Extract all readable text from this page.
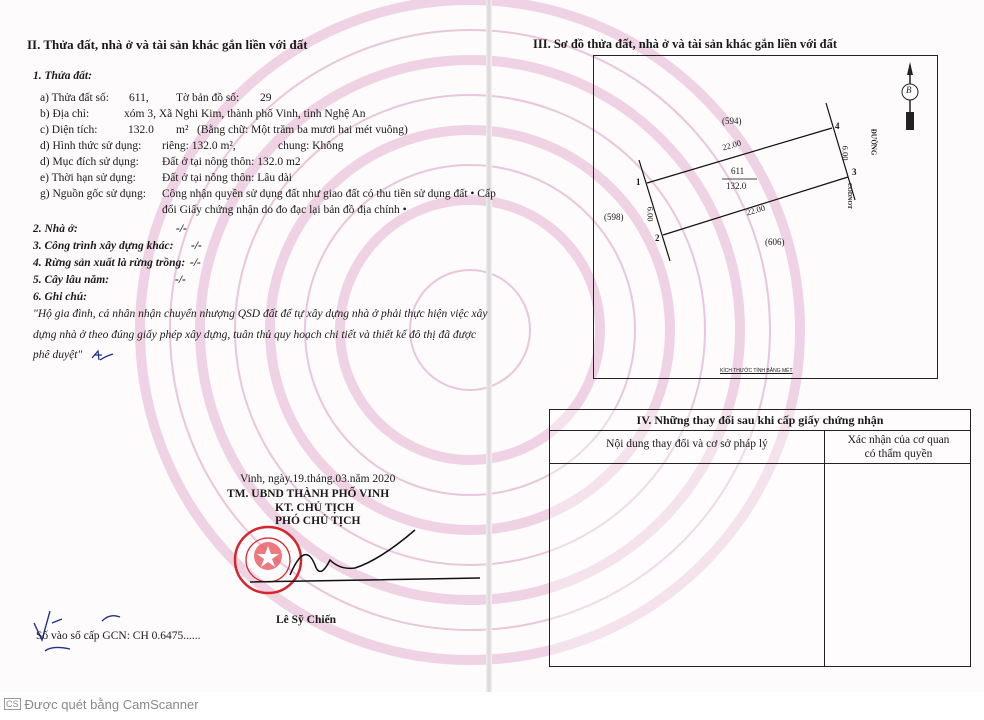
II. Thửa đất, nhà ở và tài sản khác gắn liền với đất
1. Thửa đất:
a) Thửa đất số: 611, Tờ bản đồ số: 29
b) Địa chỉ:	xóm 3, Xã Nghi Kim, thành phố Vinh, tỉnh Nghệ An
c) Diện tích:	132.0 m² (Bằng chữ: Một trăm ba mươi hai mét vuông)
d) Hình thức sử dụng: riêng: 132.0 m²,	chung: Không
d) Mục đích sử dụng: Đất ở tại nông thôn: 132.0 m2
e) Thời hạn sử dụng: Đất ở tại nông thôn: Lâu dài
g) Nguồn gốc sử dụng: Công nhận quyền sử dụng đất như giao đất có thu tiền sử dụng đất • Cấp
đổi Giấy chứng nhận do đo đạc lại bản đồ địa chính •
2. Nhà ở:	-/-
3. Công trình xây dựng khác: -/-
4. Rừng sản xuất là rừng trồng: -/-
5. Cây lâu năm:	-/-
6. Ghi chú:
"Hộ gia đình, cá nhân nhận chuyển nhượng QSD đất để tự xây dựng nhà ở phải thực hiện việc xây
dựng nhà ở theo đúng giấy phép xây dựng, tuân thủ quy hoạch chi tiết và thiết kế đô thị đã được
phê duyệt"
Vinh, ngày.19.tháng.03.năm 2020
TM. UBND THÀNH PHỐ VINH
KT. CHỦ TỊCH
PHÓ CHỦ TỊCH
Lê Sỹ Chiến
Số vào sổ cấp GCN: CH 0.6475......
III. Sơ đồ thửa đất, nhà ở và tài sản khác gắn liền với đất
B
(594)
22.00
611
132.0
22.00
(598)	6.00
(606)
6.00
1
2
3
4
ĐƯỜNG
CODNOT
KÍCH THƯỚC TÍNH BẰNG MÉT
IV. Những thay đổi sau khi cấp giấy chứng nhận
Nội dung thay đổi và cơ sở pháp lý	Xác nhận của cơ quan
có thẩm quyền
CS Được quét bằng CamScanner
